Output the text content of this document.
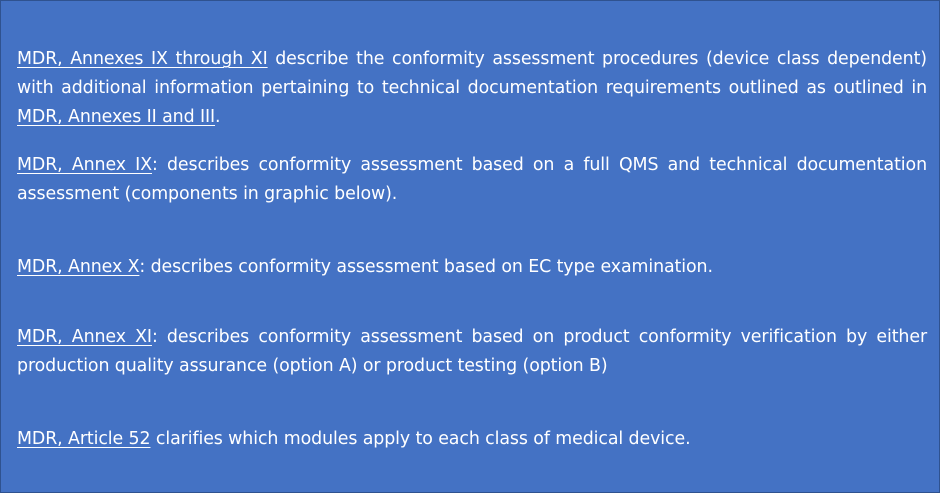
MDR, Annexes IX through XI describe the conformity assessment procedures (device class dependent) with additional information pertaining to technical documentation requirements outlined as outlined in MDR, Annexes II and III.

MDR, Annex IX: describes conformity assessment based on a full QMS and technical documentation assessment (components in graphic below).

MDR, Annex X: describes conformity assessment based on EC type examination.

MDR, Annex XI: describes conformity assessment based on product conformity verification by either production quality assurance (option A) or product testing (option B)

MDR, Article 52 clarifies which modules apply to each class of medical device.
